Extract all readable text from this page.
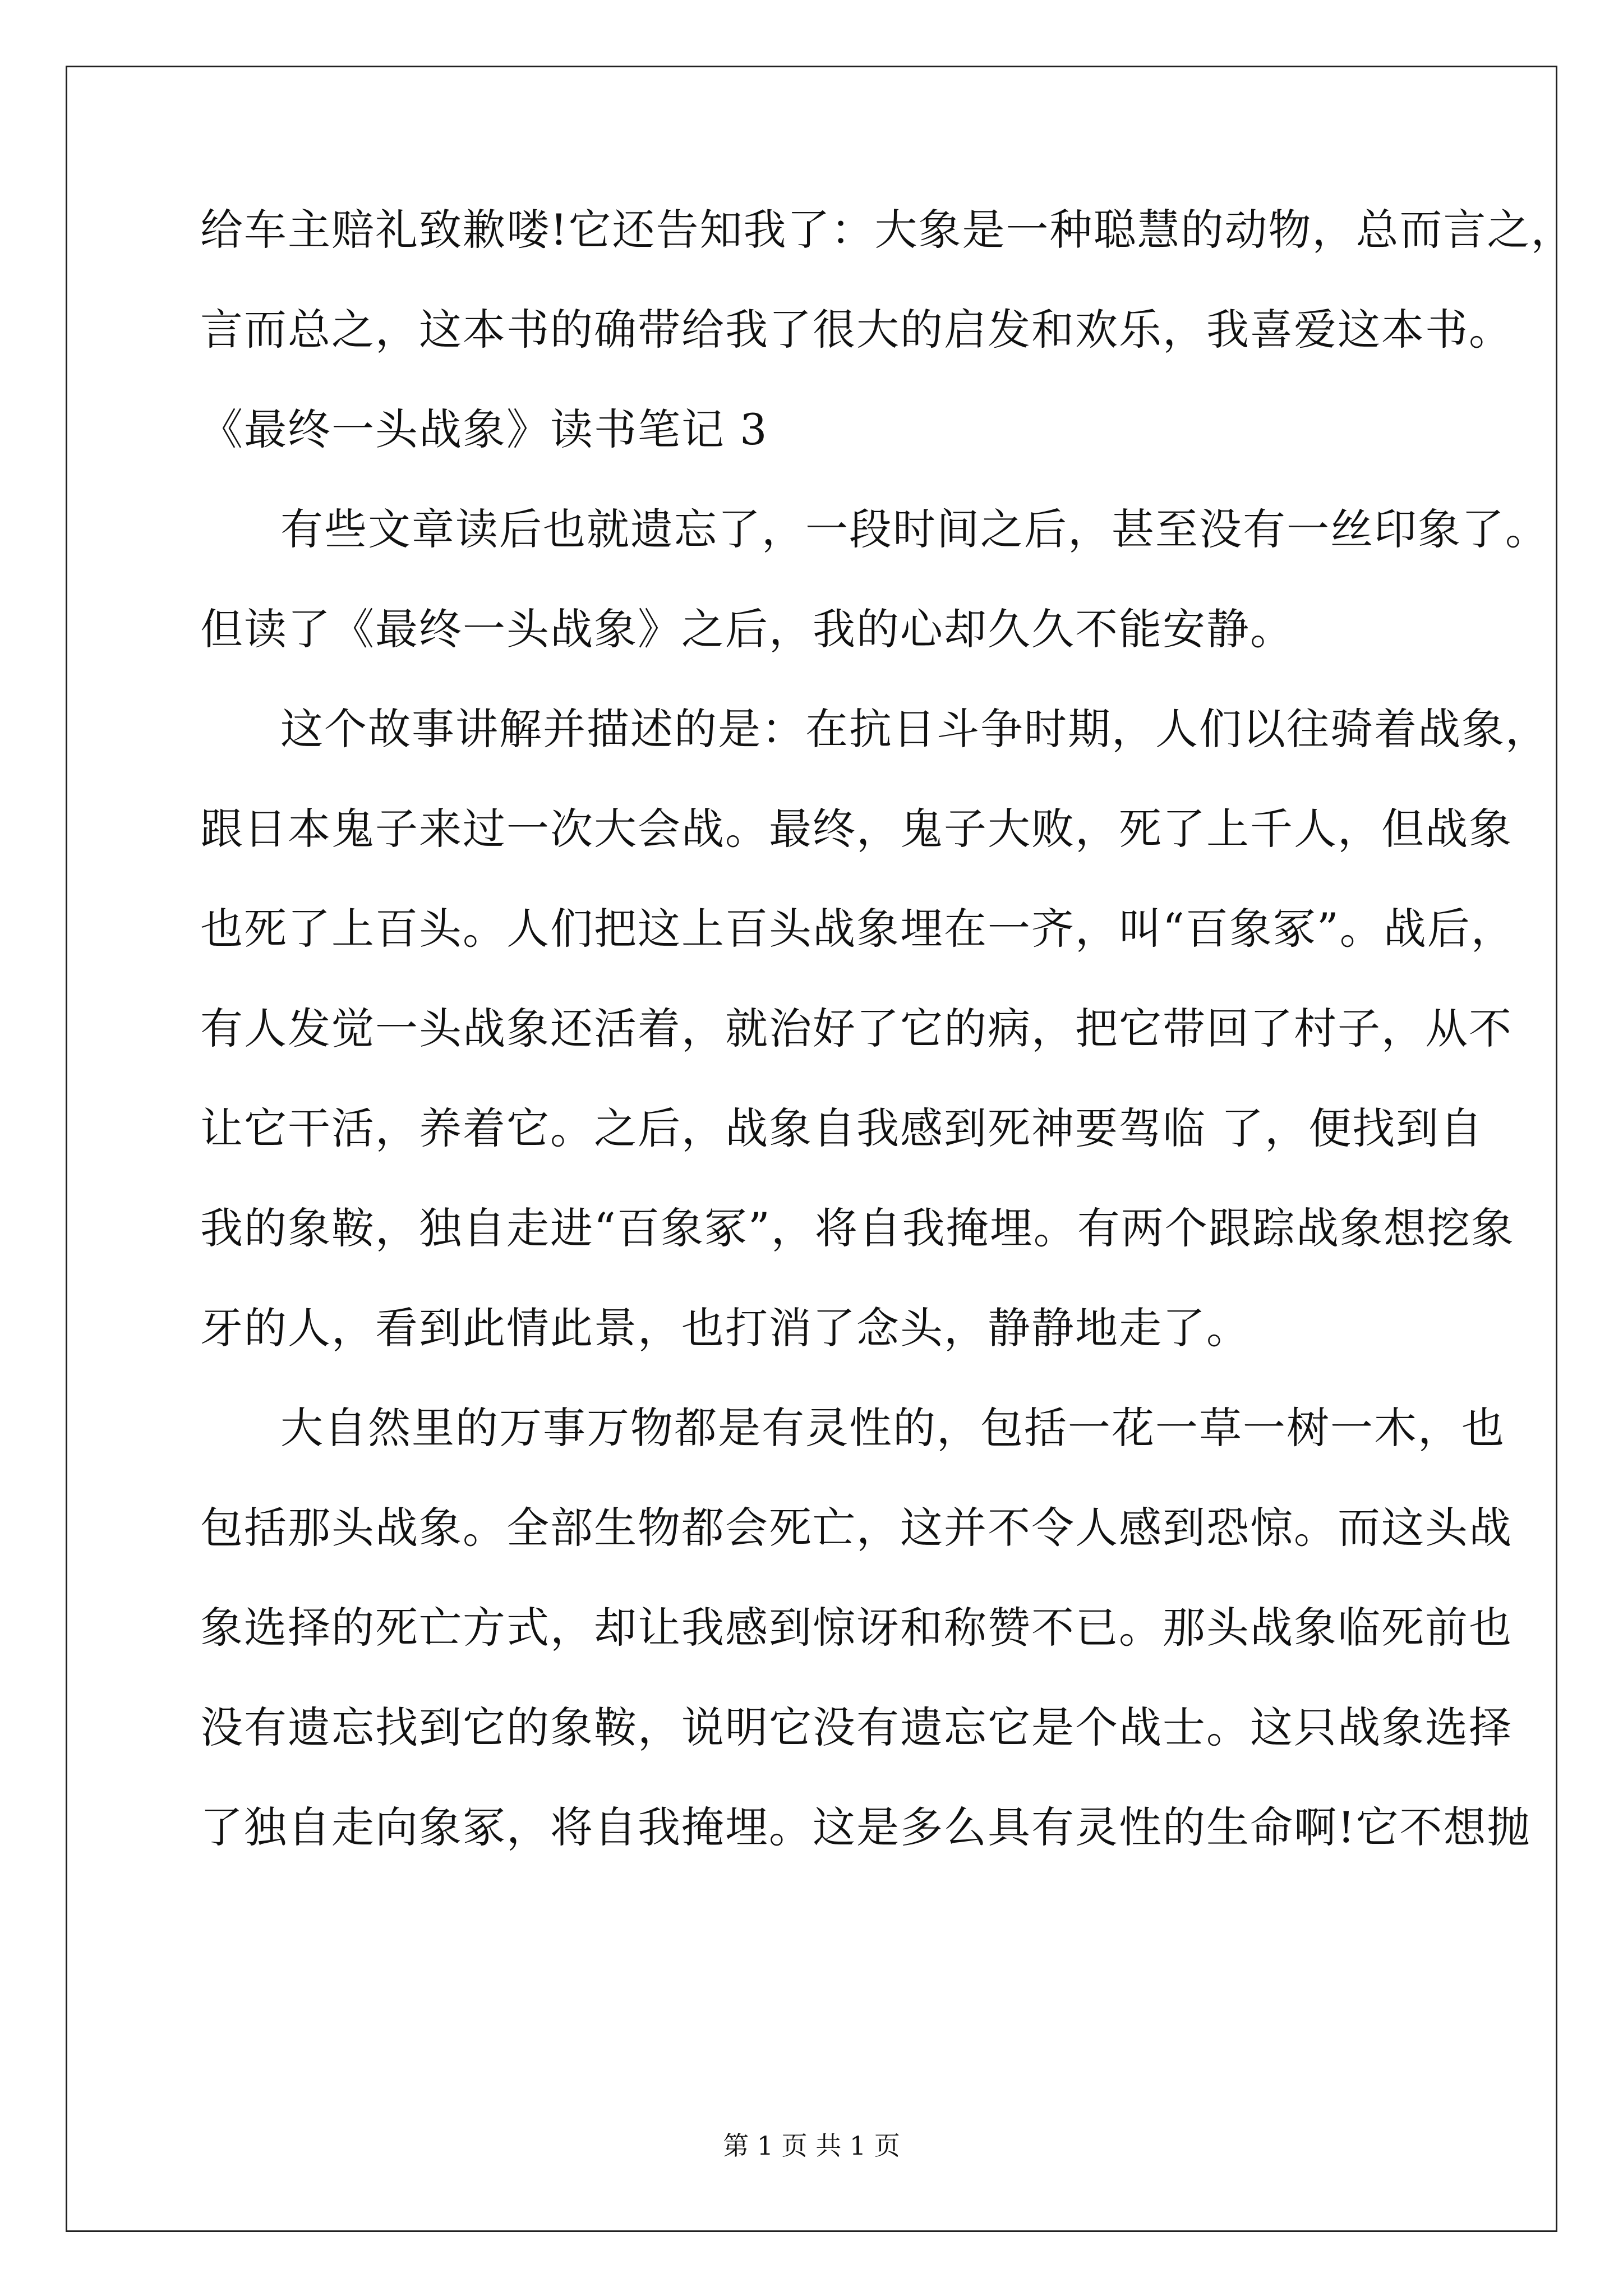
给车主赔礼致歉喽!它还告知我了：大象是一种聪慧的动物，总而言之，
言而总之，这本书的确带给我了很大的启发和欢乐，我喜爱这本书。
《最终一头战象》读书笔记 3
有些文章读后也就遗忘了，一段时间之后，甚至没有一丝印象了。
但读了《最终一头战象》之后，我的心却久久不能安静。
这个故事讲解并描述的是：在抗日斗争时期，人们以往骑着战象，
跟日本鬼子来过一次大会战。最终，鬼子大败，死了上千人，但战象
也死了上百头。人们把这上百头战象埋在一齐，叫“百象冢”。战后，
有人发觉一头战象还活着，就治好了它的病，把它带回了村子，从不
让它干活，养着它。之后，战象自我感到死神要驾临 了，便找到自
我的象鞍，独自走进“百象冢”，将自我掩埋。有两个跟踪战象想挖象
牙的人，看到此情此景，也打消了念头，静静地走了。
大自然里的万事万物都是有灵性的，包括一花一草一树一木，也
包括那头战象。全部生物都会死亡，这并不令人感到恐惊。而这头战
象选择的死亡方式，却让我感到惊讶和称赞不已。那头战象临死前也
没有遗忘找到它的象鞍，说明它没有遗忘它是个战士。这只战象选择
了独自走向象冢，将自我掩埋。这是多么具有灵性的生命啊!它不想抛
第 1 页 共 1 页
